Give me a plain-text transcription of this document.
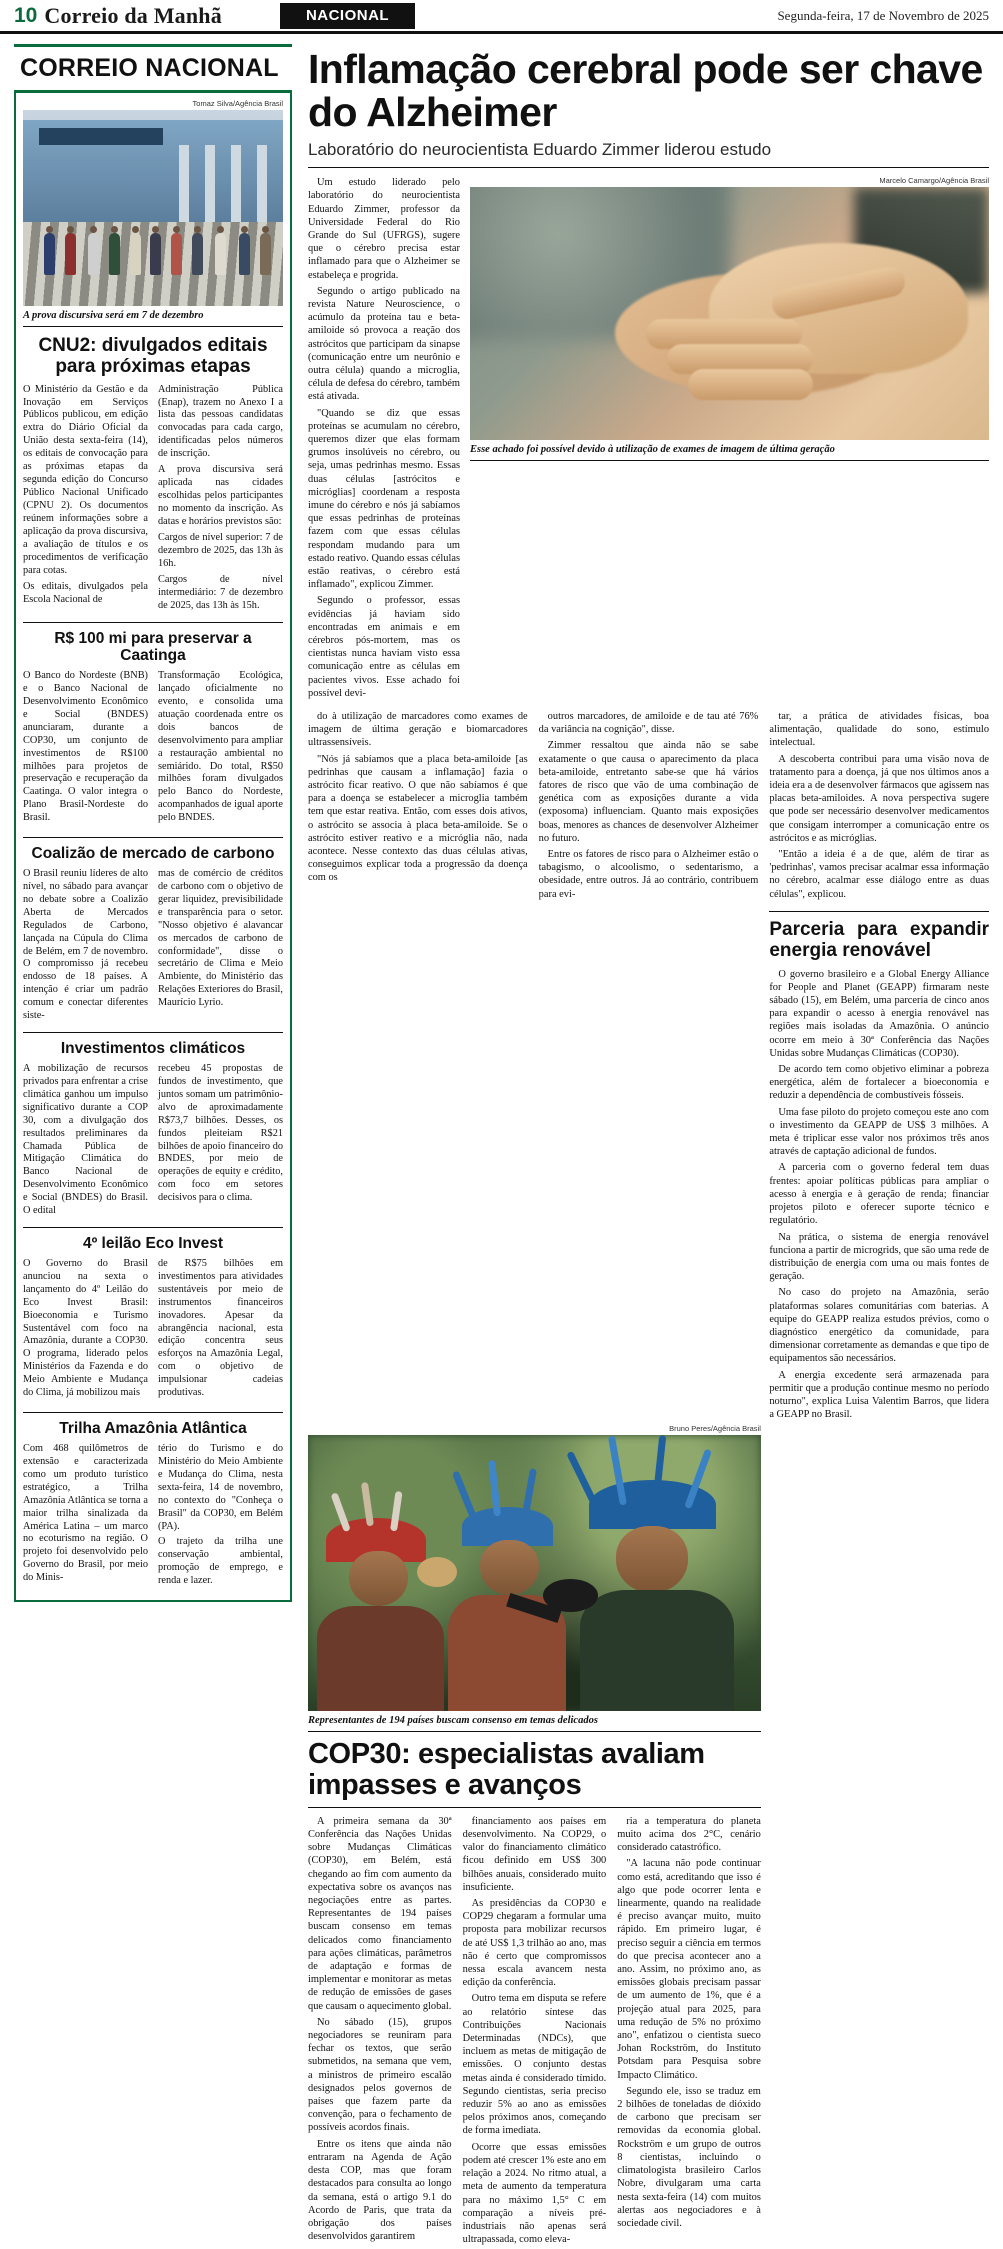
10 Correio da Manhã	NACIONAL	Segunda-feira, 17 de Novembro de 2025
CORREIO NACIONAL
Tomaz Silva/Agência Brasil
A prova discursiva será em 7 de dezembro
CNU2: divulgados editais para próximas etapas

O Ministério da Gestão e da Inovação em Serviços Públicos publicou, em edição extra do Diário Oficial da União desta sexta-feira (14), os editais de convocação para as próximas etapas da segunda edição do Concurso Público Nacional Unificado (CPNU 2). Os documentos reúnem informações sobre a aplicação da prova discursiva, a avaliação de títulos e os procedimentos de verificação para cotas.

Os editais, divulgados pela Escola Nacional de

Administração Pública (Enap), trazem no Anexo I a lista das pessoas candidatas convocadas para cada cargo, identificadas pelos números de inscrição.

A prova discursiva será aplicada nas cidades escolhidas pelos participantes no momento da inscrição. As datas e horários previstos são:

Cargos de nível superior: 7 de dezembro de 2025, das 13h às 16h.

Cargos de nível intermediário: 7 de dezembro de 2025, das 13h às 15h.

R$ 100 mi para preservar a Caatinga

O Banco do Nordeste (BNB) e o Banco Nacional de Desenvolvimento Econômico e Social (BNDES) anunciaram, durante a COP30, um conjunto de investimentos de R$100 milhões para projetos de preservação e recuperação da Caatinga. O valor integra o Plano Brasil-Nordeste do Brasil.

Transformação Ecológica, lançado oficialmente no evento, e consolida uma atuação coordenada entre os dois bancos de desenvolvimento para ampliar a restauração ambiental no semiárido. Do total, R$50 milhões foram divulgados pelo Banco do Nordeste, acompanhados de igual aporte pelo BNDES.

Coalizão de mercado de carbono

O Brasil reuniu líderes de alto nível, no sábado para avançar no debate sobre a Coalizão Aberta de Mercados Regulados de Carbono, lançada na Cúpula do Clima de Belém, em 7 de novembro. O compromisso já recebeu endosso de 18 países. A intenção é criar um padrão comum e conectar diferentes siste-

mas de comércio de créditos de carbono com o objetivo de gerar liquidez, previsibilidade e transparência para o setor. "Nosso objetivo é alavancar os mercados de carbono de conformidade", disse o secretário de Clima e Meio Ambiente, do Ministério das Relações Exteriores do Brasil, Maurício Lyrio.

Investimentos climáticos

A mobilização de recursos privados para enfrentar a crise climática ganhou um impulso significativo durante a COP 30, com a divulgação dos resultados preliminares da Chamada Pública de Mitigação Climática do Banco Nacional de Desenvolvimento Econômico e Social (BNDES) do Brasil. O edital

recebeu 45 propostas de fundos de investimento, que juntos somam um patrimônio-alvo de aproximadamente R$73,7 bilhões. Desses, os fundos pleiteiam R$21 bilhões de apoio financeiro do BNDES, por meio de operações de equity e crédito, com foco em setores decisivos para o clima.

4º leilão Eco Invest

O Governo do Brasil anunciou na sexta o lançamento do 4º Leilão do Eco Invest Brasil: Bioeconomia e Turismo Sustentável com foco na Amazônia, durante a COP30. O programa, liderado pelos Ministérios da Fazenda e do Meio Ambiente e Mudança do Clima, já mobilizou mais

de R$75 bilhões em investimentos para atividades sustentáveis por meio de instrumentos financeiros inovadores. Apesar da abrangência nacional, esta edição concentra seus esforços na Amazônia Legal, com o objetivo de impulsionar cadeias produtivas.

Trilha Amazônia Atlântica

Com 468 quilômetros de extensão e caracterizada como um produto turístico estratégico, a Trilha Amazônia Atlântica se torna a maior trilha sinalizada da América Latina – um marco no ecoturismo na região. O projeto foi desenvolvido pelo Governo do Brasil, por meio do Minis-

tério do Turismo e do Ministério do Meio Ambiente e Mudança do Clima, nesta sexta-feira, 14 de novembro, no contexto do "Conheça o Brasil" da COP30, em Belém (PA).

O trajeto da trilha une conservação ambiental, promoção de emprego, e renda e lazer.

Inflamação cerebral pode ser chave do Alzheimer
Laboratório do neurocientista Eduardo Zimmer liderou estudo

Um estudo liderado pelo laboratório do neurocientista Eduardo Zimmer, professor da Universidade Federal do Rio Grande do Sul (UFRGS), sugere que o cérebro precisa estar inflamado para que o Alzheimer se estabeleça e progrida.

Segundo o artigo publicado na revista Nature Neuroscience, o acúmulo da proteína tau e beta-amiloide só provoca a reação dos astrócitos que participam da sinapse (comunicação entre um neurônio e outra célula) quando a microglia, célula de defesa do cérebro, também está ativada.

"Quando se diz que essas proteínas se acumulam no cérebro, queremos dizer que elas formam grumos insolúveis no cérebro, ou seja, umas pedrinhas mesmo. Essas duas células [astrócitos e micróglias] coordenam a resposta imune do cérebro e nós já sabíamos que essas pedrinhas de proteínas fazem com que essas células respondam mudando para um estado reativo. Quando essas células estão reativas, o cérebro está inflamado", explicou Zimmer.

Segundo o professor, essas evidências já haviam sido encontradas em animais e em cérebros pós-mortem, mas os cientistas nunca haviam visto essa comunicação entre as células em pacientes vivos. Esse achado foi possível devi-

Marcelo Camargo/Agência Brasil
Esse achado foi possível devido à utilização de exames de imagem de última geração

do à utilização de marcadores como exames de imagem de última geração e biomarcadores ultrassensíveis.

"Nós já sabíamos que a placa beta-amiloide [as pedrinhas que causam a inflamação] fazia o astrócito ficar reativo. O que não sabíamos é que para a doença se estabelecer a microglia também tem que estar reativa. Então, com esses dois ativos, o astrócito se associa à placa beta-amiloide. Se o astrócito estiver reativo e a micróglia não, nada acontece. Nesse contexto das duas células ativas, conseguimos explicar toda a progressão da doença com os

outros marcadores, de amiloide e de tau até 76% da variância na cognição", disse.

Zimmer ressaltou que ainda não se sabe exatamente o que causa o aparecimento da placa beta-amiloide, entretanto sabe-se que há vários fatores de risco que vão de uma combinação de genética com as exposições durante a vida (exposoma) influenciam. Quanto mais exposições boas, menores as chances de desenvolver Alzheimer no futuro.

Entre os fatores de risco para o Alzheimer estão o tabagismo, o alcoolismo, o sedentarismo, a obesidade, entre outros. Já ao contrário, contribuem para evi-

tar, a prática de atividades físicas, boa alimentação, qualidade do sono, estímulo intelectual.

A descoberta contribui para uma visão nova de tratamento para a doença, já que nos últimos anos a ideia era a de desenvolver fármacos que agissem nas placas beta-amiloides. A nova perspectiva sugere que pode ser necessário desenvolver medicamentos que consigam interromper a comunicação entre os astrócitos e as micróglias.

"Então a ideia é a de que, além de tirar as 'pedrinhas', vamos precisar acalmar essa informação no cérebro, acalmar esse diálogo entre as duas células", explicou.

Parceria para expandir energia renovável

O governo brasileiro e a Global Energy Alliance for People and Planet (GEAPP) firmaram neste sábado (15), em Belém, uma parceria de cinco anos para expandir o acesso à energia renovável nas regiões mais isoladas da Amazônia. O anúncio ocorre em meio à 30ª Conferência das Nações Unidas sobre Mudanças Climáticas (COP30).

De acordo tem como objetivo eliminar a pobreza energética, além de fortalecer a bioeconomia e reduzir a dependência de combustíveis fósseis.

Uma fase piloto do projeto começou este ano com o investimento da GEAPP de US$ 3 milhões. A meta é triplicar esse valor nos próximos três anos através de captação adicional de fundos.

A parceria com o governo federal tem duas frentes: apoiar políticas públicas para ampliar o acesso à energia e à geração de renda; financiar projetos piloto e oferecer suporte técnico e regulatório.

Na prática, o sistema de energia renovável funciona a partir de microgrids, que são uma rede de distribuição de energia com uma ou mais fontes de geração.

No caso do projeto na Amazônia, serão plataformas solares comunitárias com baterias. A equipe do GEAPP realiza estudos prévios, como o diagnóstico energético da comunidade, para dimensionar corretamente as demandas e que tipo de equipamentos são necessários.

A energia excedente será armazenada para permitir que a produção continue mesmo no período noturno", explica Luisa Valentim Barros, que lidera a GEAPP no Brasil.

Bruno Peres/Agência Brasil
Representantes de 194 países buscam consenso em temas delicados
COP30: especialistas avaliam impasses e avanços

A primeira semana da 30ª Conferência das Nações Unidas sobre Mudanças Climáticas (COP30), em Belém, está chegando ao fim com aumento da expectativa sobre os avanços nas negociações entre as partes. Representantes de 194 países buscam consenso em temas delicados como financiamento para ações climáticas, parâmetros de adaptação e formas de implementar e monitorar as metas de redução de emissões de gases que causam o aquecimento global.

No sábado (15), grupos negociadores se reuniram para fechar os textos, que serão submetidos, na semana que vem, a ministros de primeiro escalão designados pelos governos de países que fazem parte da convenção, para o fechamento de possíveis acordos finais.

Entre os itens que ainda não entraram na Agenda de Ação desta COP, mas que foram destacados para consulta ao longo da semana, está o artigo 9.1 do Acordo de Paris, que trata da obrigação dos países desenvolvidos garantirem

financiamento aos países em desenvolvimento. Na COP29, o valor do financiamento climático ficou definido em US$ 300 bilhões anuais, considerado muito insuficiente.

As presidências da COP30 e COP29 chegaram a formular uma proposta para mobilizar recursos de até US$ 1,3 trilhão ao ano, mas não é certo que compromissos nessa escala avancem nesta edição da conferência.

Outro tema em disputa se refere ao relatório síntese das Contribuições Nacionais Determinadas (NDCs), que incluem as metas de mitigação de emissões. O conjunto destas metas ainda é considerado tímido. Segundo cientistas, seria preciso reduzir 5% ao ano as emissões pelos próximos anos, começando de forma imediata.

Ocorre que essas emissões podem até crescer 1% este ano em relação a 2024. No ritmo atual, a meta de aumento da temperatura para no máximo 1,5° C em comparação a níveis pré-industriais não apenas será ultrapassada, como eleva-

ria a temperatura do planeta muito acima dos 2°C, cenário considerado catastrófico.

"A lacuna não pode continuar como está, acreditando que isso é algo que pode ocorrer lenta e linearmente, quando na realidade é preciso avançar muito, muito rápido. Em primeiro lugar, é preciso seguir a ciência em termos do que precisa acontecer ano a ano. Assim, no próximo ano, as emissões globais precisam passar de um aumento de 1%, que é a projeção atual para 2025, para uma redução de 5% no próximo ano", enfatizou o cientista sueco Johan Rockström, do Instituto Potsdam para Pesquisa sobre Impacto Climático.

Segundo ele, isso se traduz em 2 bilhões de toneladas de dióxido de carbono que precisam ser removidas da economia global. Rockström e um grupo de outros 8 cientistas, incluindo o climatologista brasileiro Carlos Nobre, divulgaram uma carta nesta sexta-feira (14) com muitos alertas aos negociadores e à sociedade civil.
